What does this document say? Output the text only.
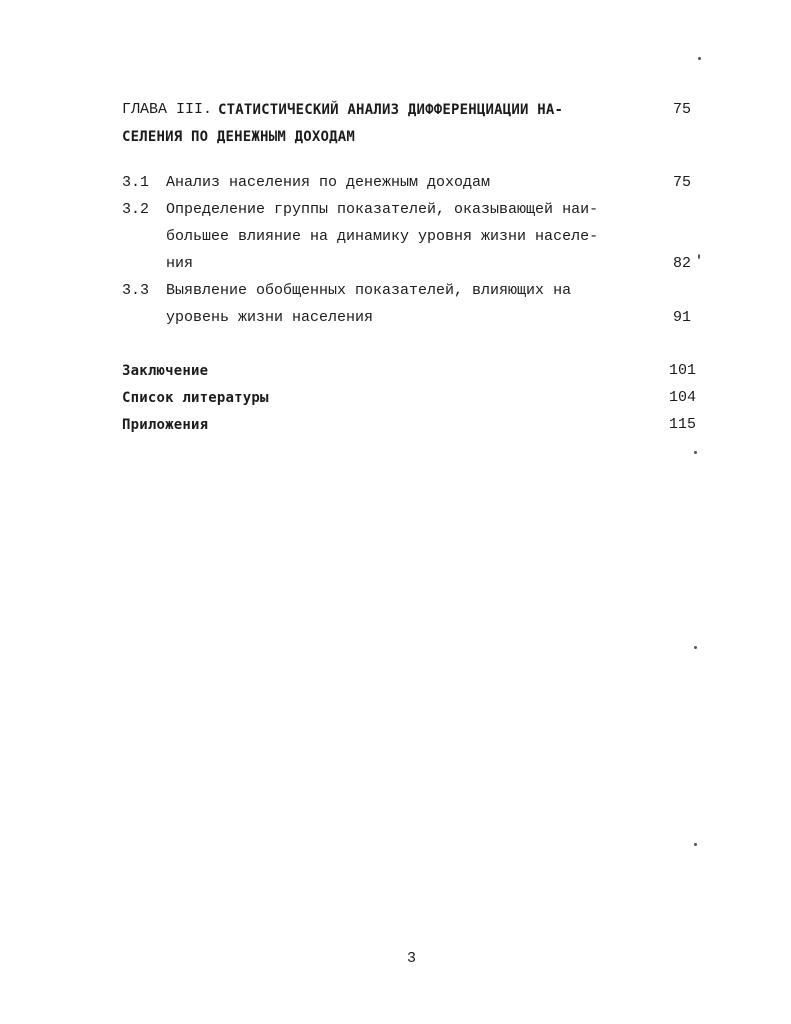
ГЛАВА III. СТАТИСТИЧЕСКИЙ АНАЛИЗ ДИФФЕРЕНЦИАЦИИ НА-	75
СЕЛЕНИЯ ПО ДЕНЕЖНЫМ ДОХОДАМ
3.1 Анализ населения по денежным доходам	75
3.2 Определение группы показателей, оказывающей наи-
большее влияние на динамику уровня жизни населе-
ния	82
3.3 Выявление обобщенных показателей, влияющих на
уровень жизни населения	91
Заключение	101
Список литературы	104
Приложения	115
3
